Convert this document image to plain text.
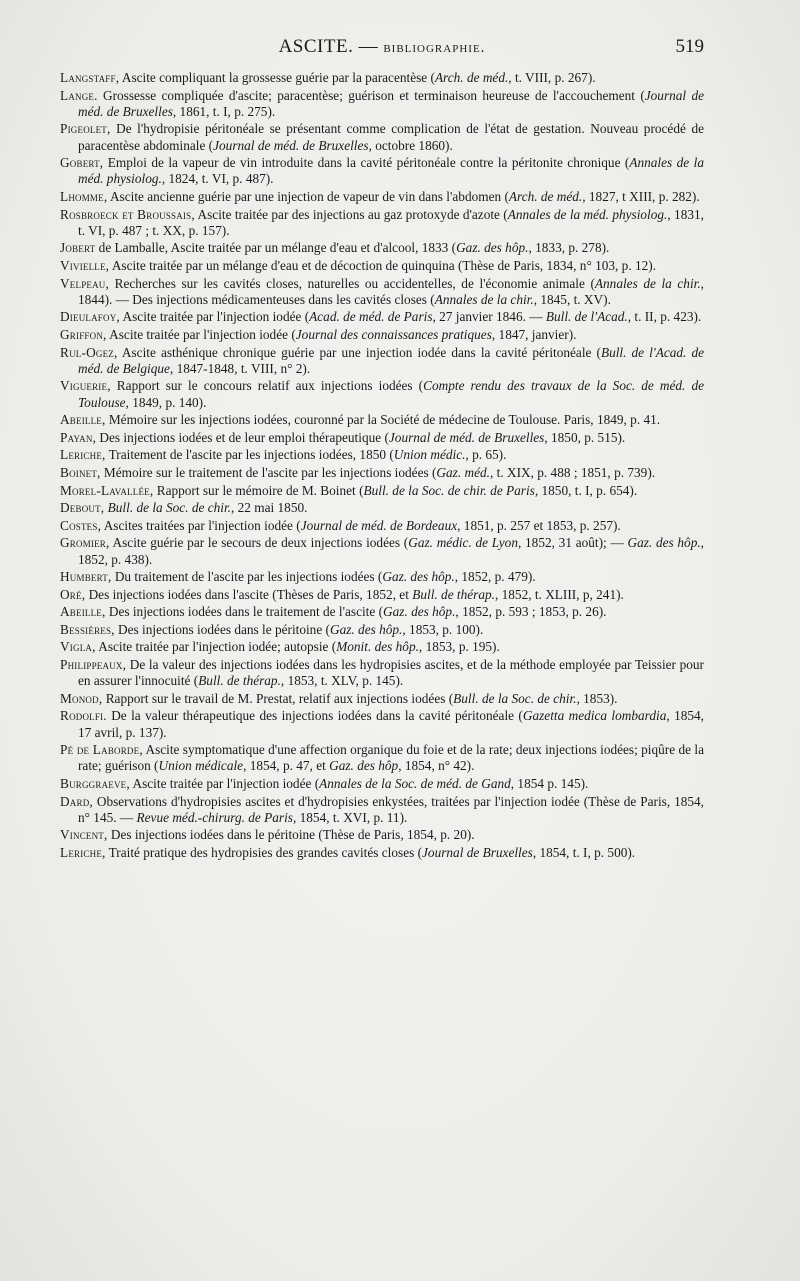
ASCITE. — bibliographie.	519

Langstaff, Ascite compliquant la grossesse guérie par la paracentèse (Arch. de méd., t. VIII, p. 267).

Lange. Grossesse compliquée d'ascite; paracentèse; guérison et terminaison heureuse de l'accouchement (Journal de méd. de Bruxelles, 1861, t. I, p. 275).

Pigeolet, De l'hydropisie péritonéale se présentant comme complication de l'état de gestation. Nouveau procédé de paracentèse abdominale (Journal de méd. de Bruxelles, octobre 1860).

Gobert, Emploi de la vapeur de vin introduite dans la cavité péritonéale contre la péritonite chronique (Annales de la méd. physiolog., 1824, t. VI, p. 487).

Lhomme, Ascite ancienne guérie par une injection de vapeur de vin dans l'abdomen (Arch. de méd., 1827, t XIII, p. 282).

Rosbroeck et Broussais, Ascite traitée par des injections au gaz protoxyde d'azote (Annales de la méd. physiolog., 1831, t. VI, p. 487 ; t. XX, p. 157).

Jobert de Lamballe, Ascite traitée par un mélange d'eau et d'alcool, 1833 (Gaz. des hôp., 1833, p. 278).

Vivielle, Ascite traitée par un mélange d'eau et de décoction de quinquina (Thèse de Paris, 1834, n° 103, p. 12).

Velpeau, Recherches sur les cavités closes, naturelles ou accidentelles, de l'économie animale (Annales de la chir., 1844). — Des injections médicamenteuses dans les cavités closes (Annales de la chir., 1845, t. XV).

Dieulafoy, Ascite traitée par l'injection iodée (Acad. de méd. de Paris, 27 janvier 1846. — Bull. de l'Acad., t. II, p. 423).

Griffon, Ascite traitée par l'injection iodée (Journal des connaissances pratiques, 1847, janvier).

Rul-Ogez, Ascite asthénique chronique guérie par une injection iodée dans la cavité péritonéale (Bull. de l'Acad. de méd. de Belgique, 1847-1848, t. VIII, n° 2).

Viguerie, Rapport sur le concours relatif aux injections iodées (Compte rendu des travaux de la Soc. de méd. de Toulouse, 1849, p. 140).

Abeille, Mémoire sur les injections iodées, couronné par la Société de médecine de Toulouse. Paris, 1849, p. 41.

Payan, Des injections iodées et de leur emploi thérapeutique (Journal de méd. de Bruxelles, 1850, p. 515).

Leriche, Traitement de l'ascite par les injections iodées, 1850 (Union médic., p. 65).

Boinet, Mémoire sur le traitement de l'ascite par les injections iodées (Gaz. méd., t. XIX, p. 488 ; 1851, p. 739).

Morel-Lavallée, Rapport sur le mémoire de M. Boinet (Bull. de la Soc. de chir. de Paris, 1850, t. I, p. 654).

Debout, Bull. de la Soc. de chir., 22 mai 1850.

Costes, Ascites traitées par l'injection iodée (Journal de méd. de Bordeaux, 1851, p. 257 et 1853, p. 257).

Gromier, Ascite guérie par le secours de deux injections iodées (Gaz. médic. de Lyon, 1852, 31 août); — Gaz. des hôp., 1852, p. 438).

Humbert, Du traitement de l'ascite par les injections iodées (Gaz. des hôp., 1852, p. 479).

Oré, Des injections iodées dans l'ascite (Thèses de Paris, 1852, et Bull. de thérap., 1852, t. XLIII, p, 241).

Abeille, Des injections iodées dans le traitement de l'ascite (Gaz. des hôp., 1852, p. 593 ; 1853, p. 26).

Bessières, Des injections iodées dans le péritoine (Gaz. des hôp., 1853, p. 100).

Vigla, Ascite traitée par l'injection iodée; autopsie (Monit. des hôp., 1853, p. 195).

Philippeaux, De la valeur des injections iodées dans les hydropisies ascites, et de la méthode employée par Teissier pour en assurer l'innocuité (Bull. de thérap., 1853, t. XLV, p. 145).

Monod, Rapport sur le travail de M. Prestat, relatif aux injections iodées (Bull. de la Soc. de chir., 1853).

Rodolfi. De la valeur thérapeutique des injections iodées dans la cavité péritonéale (Gazetta medica lombardia, 1854, 17 avril, p. 137).

Pé de Laborde, Ascite symptomatique d'une affection organique du foie et de la rate; deux injections iodées; piqûre de la rate; guérison (Union médicale, 1854, p. 47, et Gaz. des hôp, 1854, n° 42).

Burggraeve, Ascite traitée par l'injection iodée (Annales de la Soc. de méd. de Gand, 1854 p. 145).

Dard, Observations d'hydropisies ascites et d'hydropisies enkystées, traitées par l'injection iodée (Thèse de Paris, 1854, n° 145. — Revue méd.-chirurg. de Paris, 1854, t. XVI, p. 11).

Vincent, Des injections iodées dans le péritoine (Thèse de Paris, 1854, p. 20).

Leriche, Traité pratique des hydropisies des grandes cavités closes (Journal de Bruxelles, 1854, t. I, p. 500).
